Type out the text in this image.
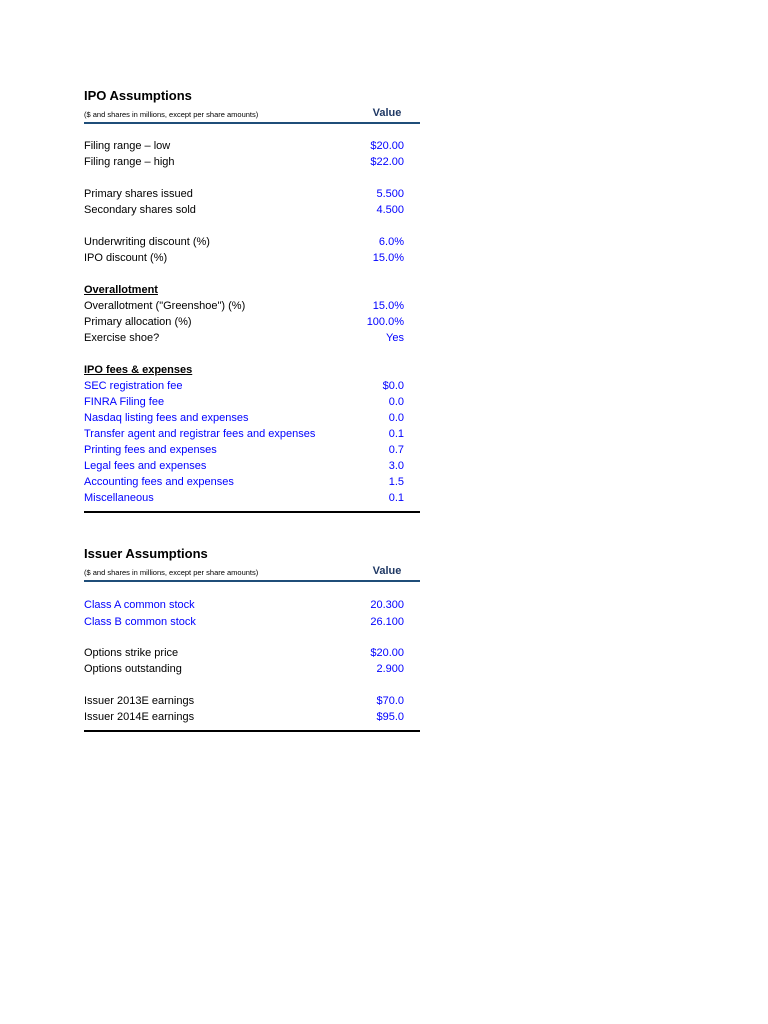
IPO Assumptions
($ and shares in millions, except per share amounts)	Value
Filing range – low	$20.00
Filing range – high	$22.00
Primary shares issued	5.500
Secondary shares sold	4.500
Underwriting discount (%)	6.0%
IPO discount (%)	15.0%
Overallotment
Overallotment ("Greenshoe") (%)	15.0%
Primary allocation (%)	100.0%
Exercise shoe?	Yes
IPO fees & expenses
SEC registration fee	$0.0
FINRA Filing fee	0.0
Nasdaq listing fees and expenses	0.0
Transfer agent and registrar fees and expenses	0.1
Printing fees and expenses	0.7
Legal fees and expenses	3.0
Accounting fees and expenses	1.5
Miscellaneous	0.1
Issuer Assumptions
($ and shares in millions, except per share amounts)	Value
Class A common stock	20.300
Class B common stock	26.100
Options strike price	$20.00
Options outstanding	2.900
Issuer 2013E earnings	$70.0
Issuer 2014E earnings	$95.0
